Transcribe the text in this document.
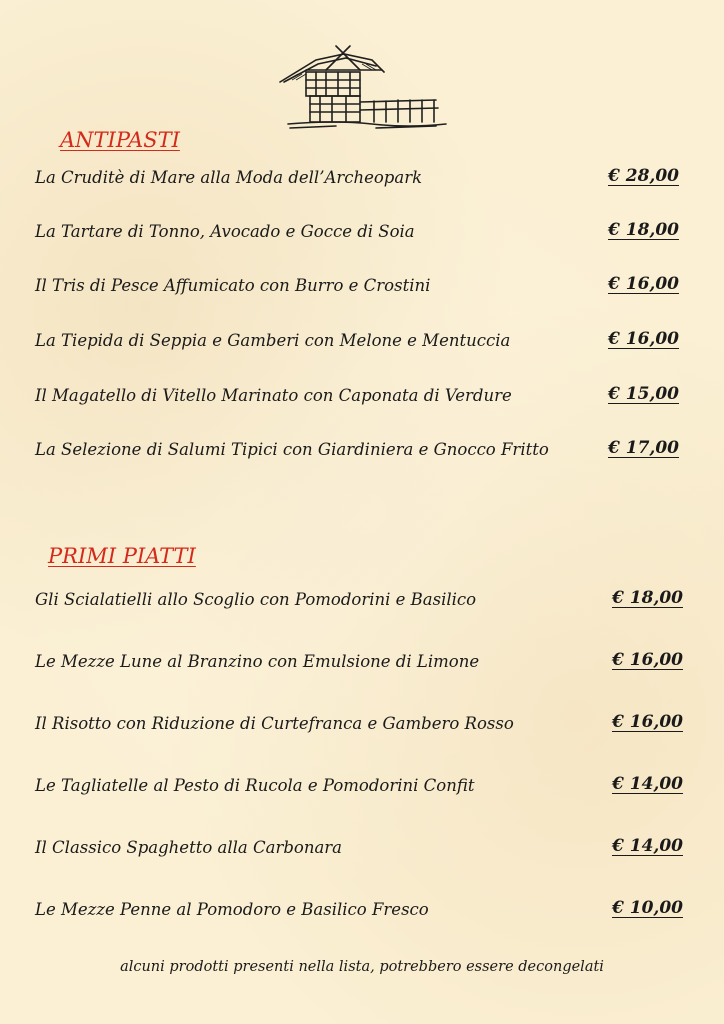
ANTIPASTI
La Cruditè di Mare alla Moda dell’Archeopark	€ 28,00
La Tartare di Tonno, Avocado e Gocce di Soia	€ 18,00
Il Tris di Pesce Affumicato con Burro e Crostini	€ 16,00
La Tiepida di Seppia e Gamberi con Melone e Mentuccia	€ 16,00
Il Magatello di Vitello Marinato con Caponata di Verdure	€ 15,00
La Selezione di Salumi Tipici con Giardiniera e Gnocco Fritto	€ 17,00
PRIMI PIATTI
Gli Scialatielli allo Scoglio con Pomodorini e Basilico	€ 18,00
Le Mezze Lune al Branzino con Emulsione di Limone	€ 16,00
Il Risotto con Riduzione di Curtefranca e Gambero Rosso	€ 16,00
Le Tagliatelle al Pesto di Rucola e Pomodorini Confit	€ 14,00
Il Classico Spaghetto alla Carbonara	€ 14,00
Le Mezze Penne al Pomodoro e Basilico Fresco	€ 10,00
alcuni prodotti presenti nella lista, potrebbero essere decongelati
